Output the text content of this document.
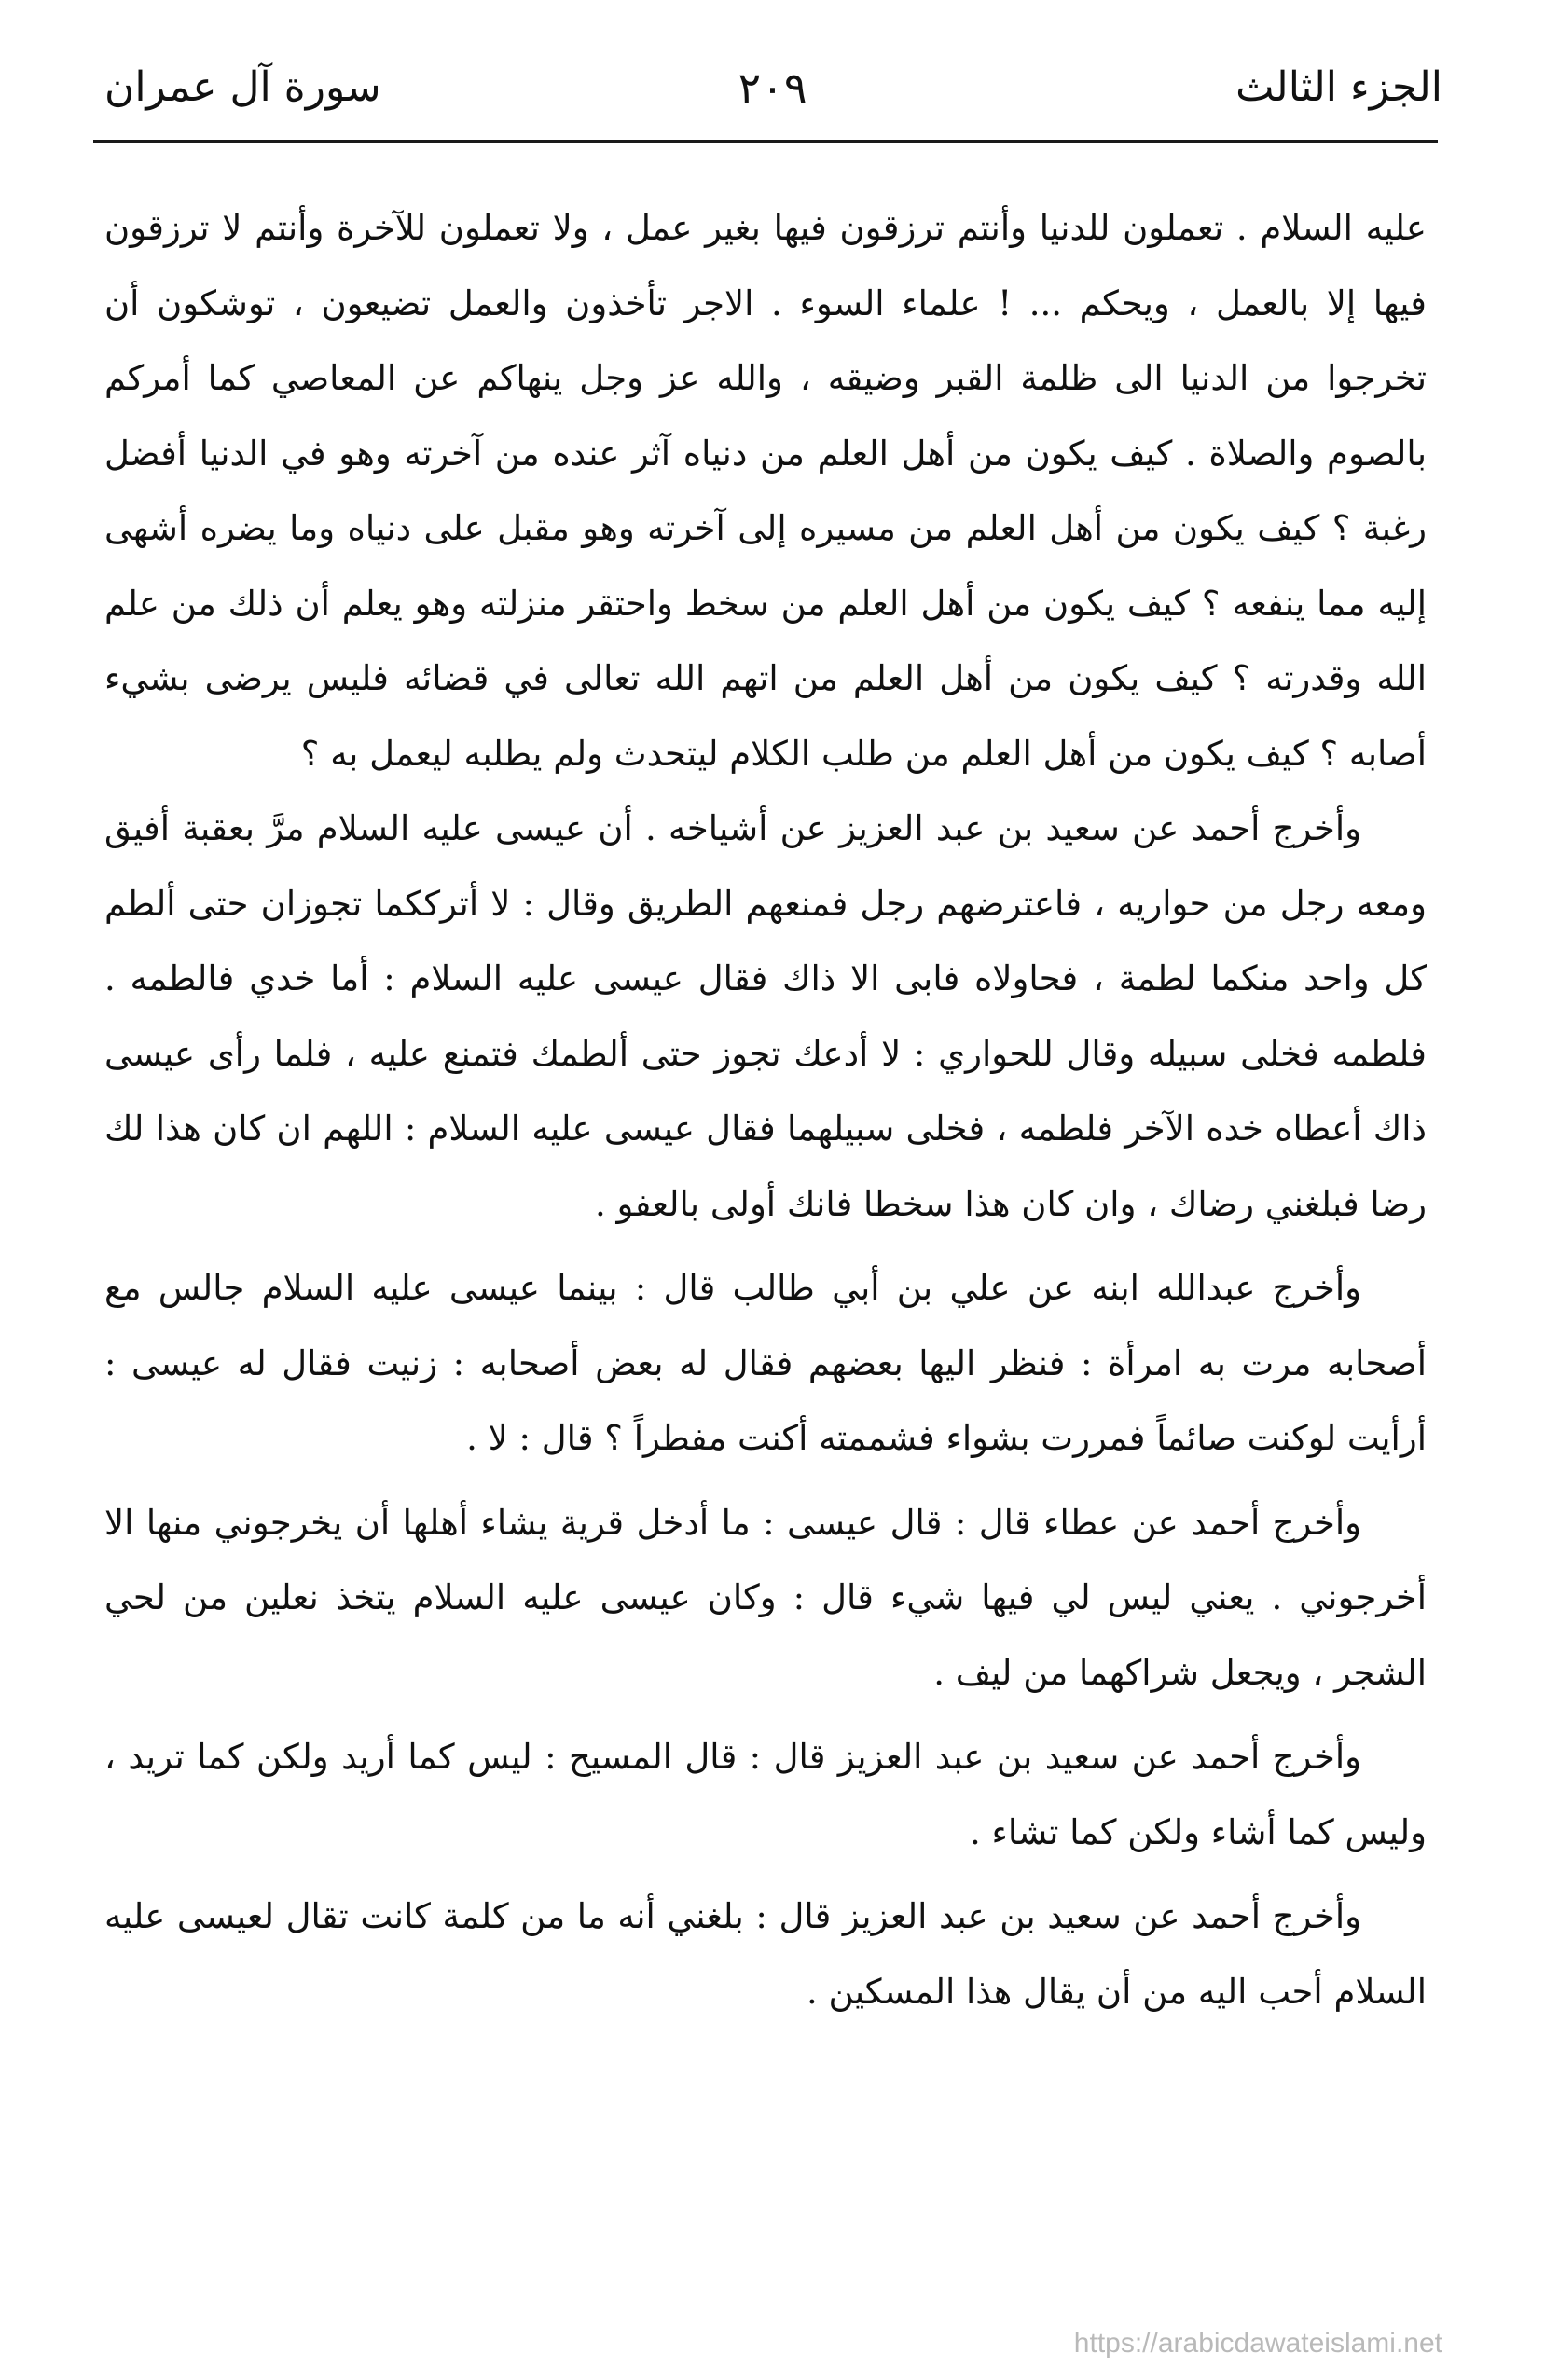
الجزء الثالث
٢٠٩
سورة آل عمران

عليه السلام . تعملون للدنيا وأنتم ترزقون فيها بغير عمل ، ولا تعملون للآخرة وأنتم لا ترزقون فيها إلا بالعمل ، ويحكم ... ! علماء السوء . الاجر تأخذون والعمل تضيعون ، توشكون أن تخرجوا من الدنيا الى ظلمة القبر وضيقه ، والله عز وجل ينهاكم عن المعاصي كما أمركم بالصوم والصلاة . كيف يكون من أهل العلم من دنياه آثر عنده من آخرته وهو في الدنيا أفضل رغبة ؟ كيف يكون من أهل العلم من مسيره إلى آخرته وهو مقبل على دنياه وما يضره أشهى إليه مما ينفعه ؟ كيف يكون من أهل العلم من سخط واحتقر منزلته وهو يعلم أن ذلك من علم الله وقدرته ؟ كيف يكون من أهل العلم من اتهم الله تعالى في قضائه فليس يرضى بشيء أصابه ؟ كيف يكون من أهل العلم من طلب الكلام ليتحدث ولم يطلبه ليعمل به ؟

وأخرج أحمد عن سعيد بن عبد العزيز عن أشياخه . أن عيسى عليه السلام مرَّ بعقبة أفيق ومعه رجل من حواريه ، فاعترضهم رجل فمنعهم الطريق وقال : لا أترككما تجوزان حتى ألطم كل واحد منكما لطمة ، فحاولاه فابى الا ذاك فقال عيسى عليه السلام : أما خدي فالطمه . فلطمه فخلى سبيله وقال للحواري : لا أدعك تجوز حتى ألطمك فتمنع عليه ، فلما رأى عيسى ذاك أعطاه خده الآخر فلطمه ، فخلى سبيلهما فقال عيسى عليه السلام : اللهم ان كان هذا لك رضا فبلغني رضاك ، وان كان هذا سخطا فانك أولى بالعفو .

وأخرج عبدالله ابنه عن علي بن أبي طالب قال : بينما عيسى عليه السلام جالس مع أصحابه مرت به امرأة : فنظر اليها بعضهم فقال له بعض أصحابه : زنيت فقال له عيسى : أرأيت لوكنت صائماً فمررت بشواء فشممته أكنت مفطراً ؟ قال : لا .

وأخرج أحمد عن عطاء قال : قال عيسى : ما أدخل قرية يشاء أهلها أن يخرجوني منها الا أخرجوني . يعني ليس لي فيها شيء قال : وكان عيسى عليه السلام يتخذ نعلين من لحي الشجر ، ويجعل شراكهما من ليف .

وأخرج أحمد عن سعيد بن عبد العزيز قال : قال المسيح : ليس كما أريد ولكن كما تريد ، وليس كما أشاء ولكن كما تشاء .

وأخرج أحمد عن سعيد بن عبد العزيز قال : بلغني أنه ما من كلمة كانت تقال لعيسى عليه السلام أحب اليه من أن يقال هذا المسكين .

https://arabicdawateislami.net
